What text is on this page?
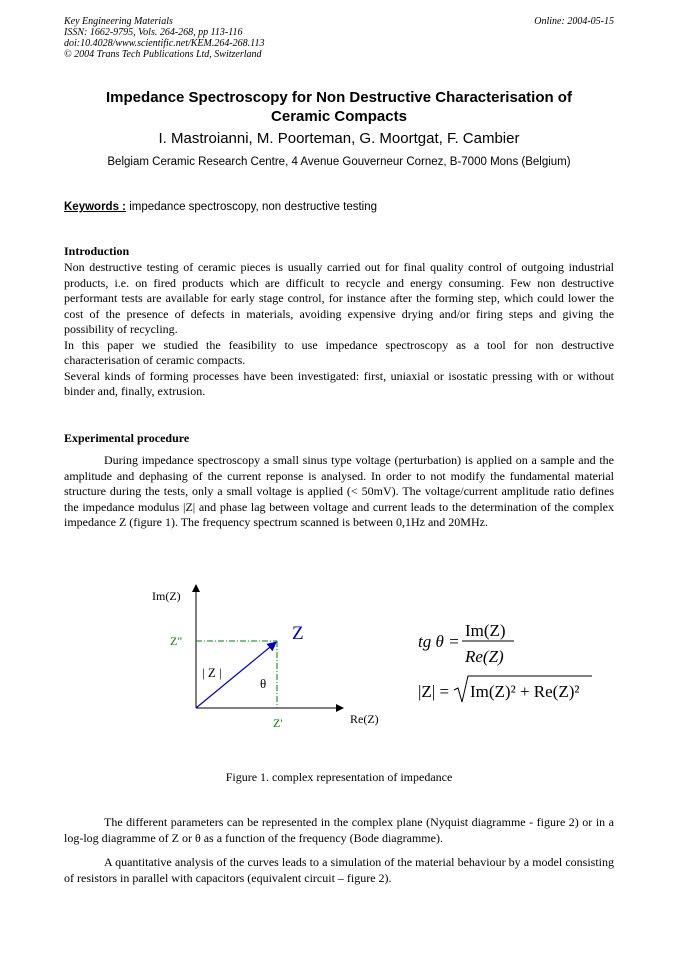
Key Engineering Materials
ISSN: 1662-9795, Vols. 264-268, pp 113-116
doi:10.4028/www.scientific.net/KEM.264-268.113
© 2004 Trans Tech Publications Ltd, Switzerland
Online: 2004-05-15
Impedance Spectroscopy for Non Destructive Characterisation of
Ceramic Compacts
I. Mastroianni, M. Poorteman, G. Moortgat, F. Cambier
Belgiam Ceramic Research Centre, 4 Avenue Gouverneur Cornez, B-7000 Mons (Belgium)
Keywords : impedance spectroscopy, non destructive testing
Introduction

Non destructive testing of ceramic pieces is usually carried out for final quality control of outgoing industrial products, i.e. on fired products which are difficult to recycle and energy consuming. Few non destructive performant tests are available for early stage control, for instance after the forming step, which could lower the cost of the presence of defects in materials, avoiding expensive drying and/or firing steps and giving the possibility of recycling.

In this paper we studied the feasibility to use impedance spectroscopy as a tool for non destructive characterisation of ceramic compacts.

Several kinds of forming processes have been investigated: first, uniaxial or isostatic pressing with or without binder and, finally, extrusion.

Experimental procedure

During impedance spectroscopy a small sinus type voltage (perturbation) is applied on a sample and the amplitude and dephasing of the current reponse is analysed. In order to not modify the fundamental material structure during the tests, only a small voltage is applied (< 50mV). The voltage/current amplitude ratio defines the impedance modulus |Z| and phase lag between voltage and current leads to the determination of the complex impedance Z (figure 1). The frequency spectrum scanned is between 0,1Hz and 20MHz.

Im(Z)
Re(Z)
Z
Z"
Z'
| Z |
θ
tg θ =
Im(Z)
Re(Z)
|Z| = Im(Z)² + Re(Z)²
Figure 1. complex representation of impedance

The different parameters can be represented in the complex plane (Nyquist diagramme - figure 2) or in a log-log diagramme of Z or θ as a function of the frequency (Bode diagramme).

A quantitative analysis of the curves leads to a simulation of the material behaviour by a model consisting of resistors in parallel with capacitors (equivalent circuit – figure 2).
